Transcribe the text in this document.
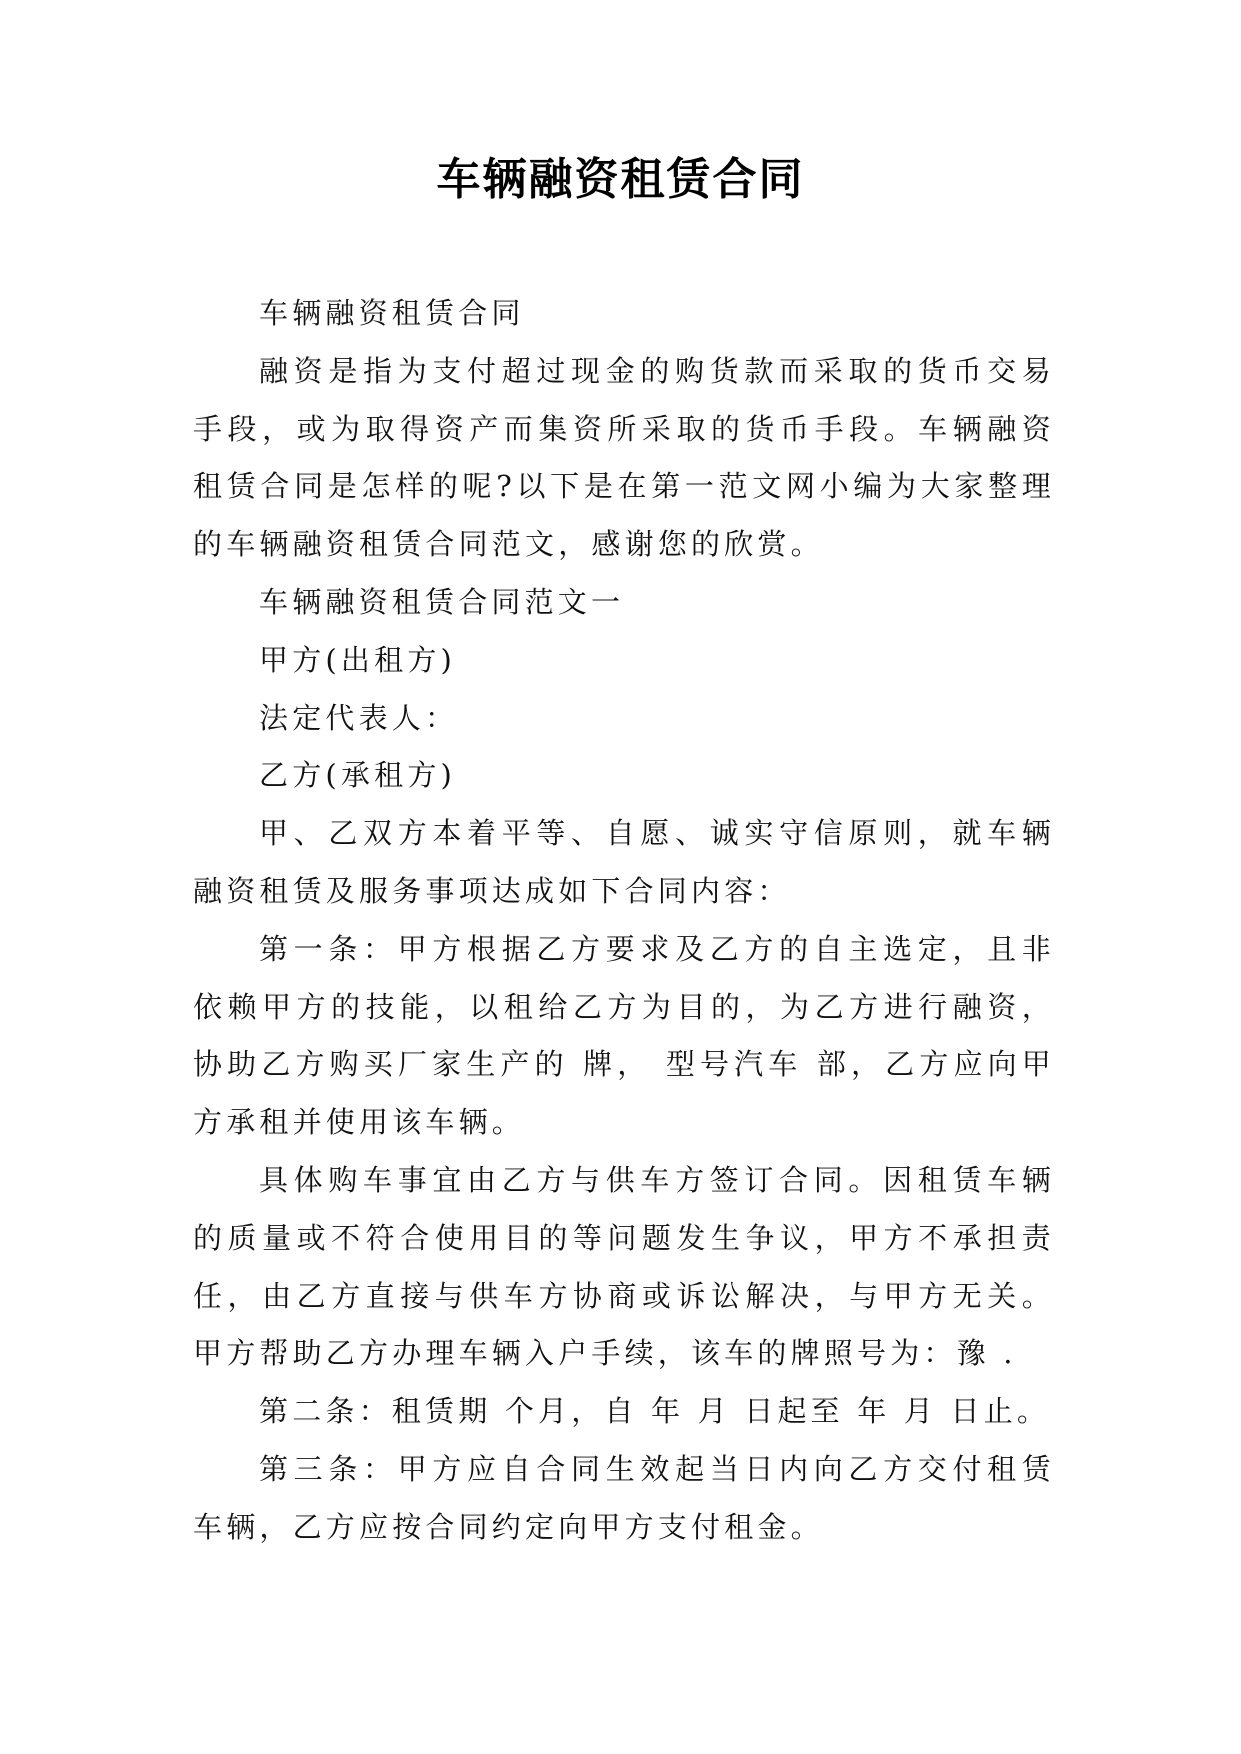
车辆融资租赁合同

车辆融资租赁合同

融资是指为支付超过现金的购货款而采取的货币交易手段，或为取得资产而集资所采取的货币手段。车辆融资租赁合同是怎样的呢?以下是在第一范文网小编为大家整理的车辆融资租赁合同范文，感谢您的欣赏。

车辆融资租赁合同范文一

甲方(出租方)

法定代表人：

乙方(承租方)

甲、乙双方本着平等、自愿、诚实守信原则，就车辆融资租赁及服务事项达成如下合同内容：

第一条：甲方根据乙方要求及乙方的自主选定，且非依赖甲方的技能，以租给乙方为目的，为乙方进行融资，协助乙方购买厂家生产的 牌， 型号汽车 部，乙方应向甲方承租并使用该车辆。

具体购车事宜由乙方与供车方签订合同。因租赁车辆的质量或不符合使用目的等问题发生争议，甲方不承担责任，由乙方直接与供车方协商或诉讼解决，与甲方无关。甲方帮助乙方办理车辆入户手续，该车的牌照号为：豫 .

第二条：租赁期 个月，自 年 月 日起至 年 月 日止。

第三条：甲方应自合同生效起当日内向乙方交付租赁车辆，乙方应按合同约定向甲方支付租金。
